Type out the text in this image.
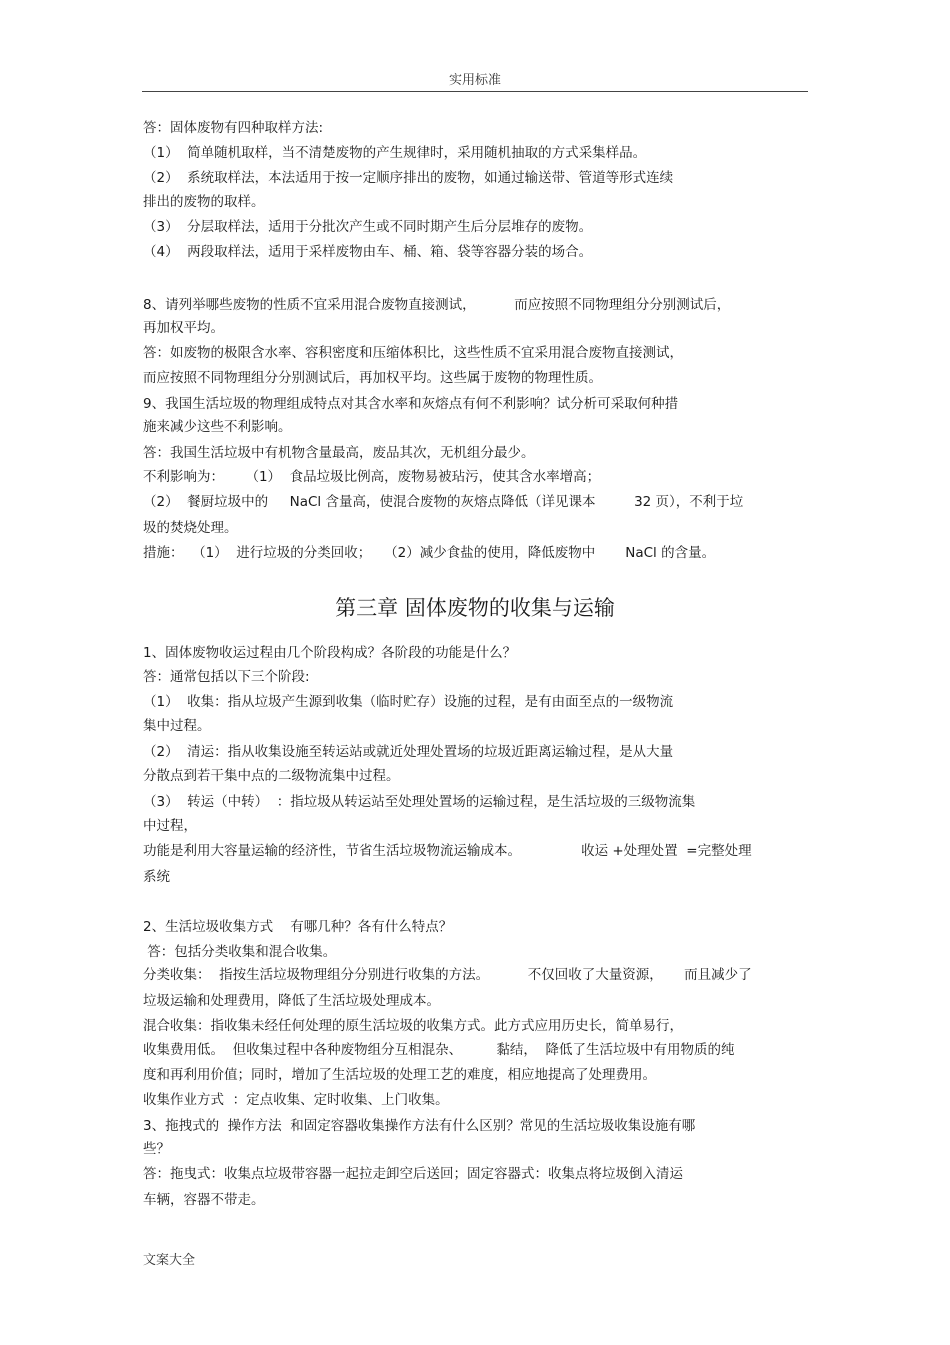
实用标准
答：固体废物有四种取样方法:
（1）  简单随机取样，当不清楚废物的产生规律时，采用随机抽取的方式采集样品。
（2）  系统取样法，本法适用于按一定顺序排出的废物，如通过输送带、管道等形式连续
排出的废物的取样。
（3）  分层取样法，适用于分批次产生或不同时期产生后分层堆存的废物。
（4）  两段取样法，适用于采样废物由车、桶、箱、袋等容器分装的场合。
8、请列举哪些废物的性质不宜采用混合废物直接测试，         而应按照不同物理组分分别测试后，
再加权平均。
答：如废物的极限含水率、容积密度和压缩体积比，这些性质不宜采用混合废物直接测试，
而应按照不同物理组分分别测试后，再加权平均。这些属于废物的物理性质。
9、我国生活垃圾的物理组成特点对其含水率和灰熔点有何不利影响？试分析可采取何种措
施来减少这些不利影响。
答：我国生活垃圾中有机物含量最高，废品其次，无机组分最少。
不利影响为：     （1）  食品垃圾比例高，废物易被玷污，使其含水率增高；
（2）  餐厨垃圾中的     NaCl 含量高，使混合废物的灰熔点降低（详见课本         32 页），不利于垃
圾的焚烧处理。
措施：  （1）  进行垃圾的分类回收；   （2）减少食盐的使用，降低废物中       NaCl 的含量。
第三章 固体废物的收集与运输
1、固体废物收运过程由几个阶段构成？各阶段的功能是什么？
答：通常包括以下三个阶段:
（1）  收集：指从垃圾产生源到收集（临时贮存）设施的过程，是有由面至点的一级物流
集中过程。
（2）  清运：指从收集设施至转运站或就近处理处置场的垃圾近距离运输过程，是从大量
分散点到若干集中点的二级物流集中过程。
（3）  转运（中转）  ：指垃圾从转运站至处理处置场的运输过程，是生活垃圾的三级物流集
中过程，
功能是利用大容量运输的经济性，节省生活垃圾物流运输成本。              收运 +处理处置  =完整处理
系统
2、生活垃圾收集方式    有哪几种？各有什么特点？
答：包括分类收集和混合收集。
分类收集：  指按生活垃圾物理组分分别进行收集的方法。         不仅回收了大量资源，     而且减少了
垃圾运输和处理费用，降低了生活垃圾处理成本。
混合收集：指收集未经任何处理的原生活垃圾的收集方式。此方式应用历史长，简单易行，
收集费用低。  但收集过程中各种废物组分互相混杂、        黏结，  降低了生活垃圾中有用物质的纯
度和再利用价值；同时，增加了生活垃圾的处理工艺的难度，相应地提高了处理费用。
收集作业方式  ：定点收集、定时收集、上门收集。
3、拖拽式的  操作方法  和固定容器收集操作方法有什么区别？常见的生活垃圾收集设施有哪
些？
答：拖曳式：收集点垃圾带容器一起拉走卸空后送回；固定容器式：收集点将垃圾倒入清运
车辆，容器不带走。
文案大全
